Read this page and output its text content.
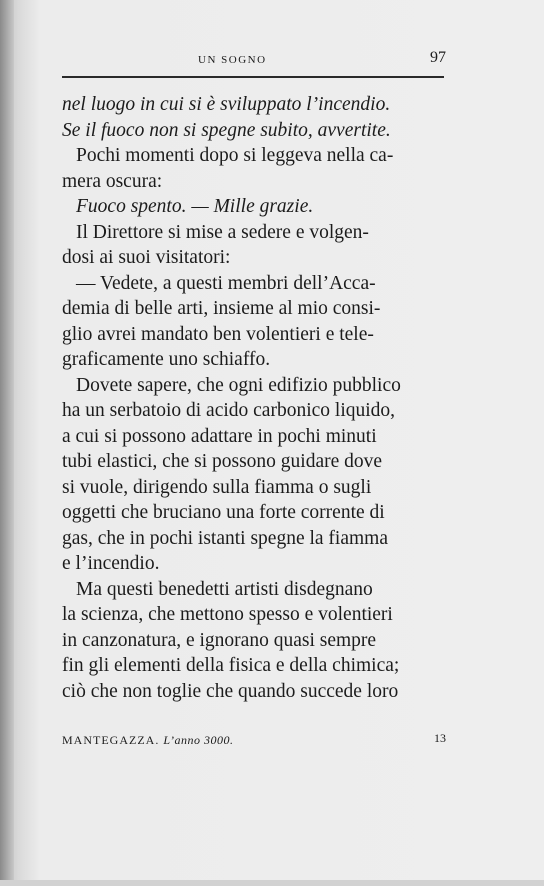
UN SOGNO	97
nel luogo in cui si è sviluppato l’incendio.
Se il fuoco non si spegne subito, avvertite.
Pochi momenti dopo si leggeva nella ca-
mera oscura:
Fuoco spento. — Mille grazie.
Il Direttore si mise a sedere e volgen-
dosi ai suoi visitatori:
— Vedete, a questi membri dell’Acca-
demia di belle arti, insieme al mio consi-
glio avrei mandato ben volentieri e tele-
graficamente uno schiaffo.
Dovete sapere, che ogni edifizio pubblico
ha un serbatoio di acido carbonico liquido,
a cui si possono adattare in pochi minuti
tubi elastici, che si possono guidare dove
si vuole, dirigendo sulla fiamma o sugli
oggetti che bruciano una forte corrente di
gas, che in pochi istanti spegne la fiamma
e l’incendio.
Ma questi benedetti artisti disdegnano
la scienza, che mettono spesso e volentieri
in canzonatura, e ignorano quasi sempre
fin gli elementi della fisica e della chimica;
ciò che non toglie che quando succede loro
MANTEGAZZA. L’anno 3000.	13
